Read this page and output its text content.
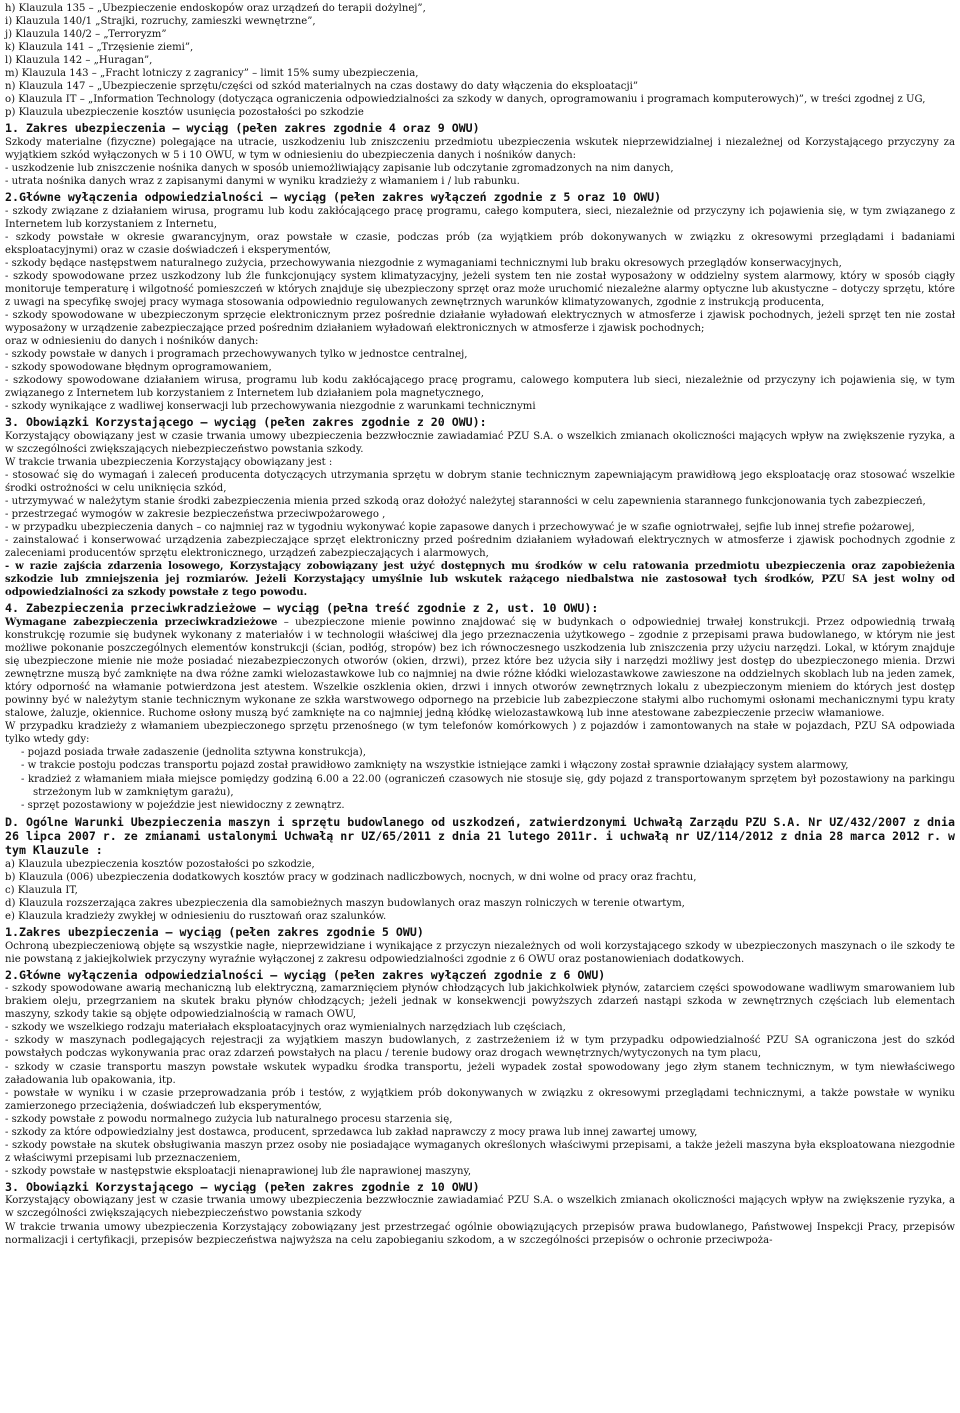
h) Klauzula 135 – „Ubezpieczenie endoskopów oraz urządzeń do terapii dożylnej”,

i) Klauzula 140/1 „Strajki, rozruchy, zamieszki wewnętrzne”,

j) Klauzula 140/2 – „Terroryzm”

k) Klauzula 141 – „Trzęsienie ziemi”,

l) Klauzula 142 – „Huragan”,

m) Klauzula 143 – „Fracht lotniczy z zagranicy” – limit 15% sumy ubezpieczenia,

n) Klauzula 147 – „Ubezpieczenie sprzętu/części od szkód materialnych na czas dostawy do daty włączenia do eksploatacji”

o) Klauzula IT – „Information Technology (dotycząca ograniczenia odpowiedzialności za szkody w danych, oprogramowaniu i programach komputerowych)”, w treści zgodnej z UG,

p) Klauzula ubezpieczenie kosztów usunięcia pozostałości po szkodzie

1. Zakres ubezpieczenia – wyciąg (pełen zakres zgodnie 4 oraz 9 OWU)

Szkody materialne (fizyczne) polegające na utracie, uszkodzeniu lub zniszczeniu przedmiotu ubezpieczenia wskutek nieprzewidzialnej i niezależnej od Korzystającego przyczyny za wyjątkiem szkód wyłączonych w 5 i 10 OWU, w tym w odniesieniu do ubezpieczenia danych i nośników danych:

- uszkodzenie lub zniszczenie nośnika danych w sposób uniemożliwiający zapisanie lub odczytanie zgromadzonych na nim danych,

- utrata nośnika danych wraz z zapisanymi danymi w wyniku kradzieży z włamaniem i / lub rabunku.

2.Główne wyłączenia odpowiedzialności – wyciąg (pełen zakres wyłączeń zgodnie z 5 oraz 10 OWU)

- szkody związane z działaniem wirusa, programu lub kodu zakłócającego pracę programu, całego komputera, sieci, niezależnie od przyczyny ich pojawienia się, w tym związanego z Internetem lub korzystaniem z Internetu,

- szkody powstałe w okresie gwarancyjnym, oraz powstałe w czasie, podczas prób (za wyjątkiem prób dokonywanych w związku z okresowymi przeglądami i badaniami eksploatacyjnymi) oraz w czasie doświadczeń i eksperymentów,

- szkody będące następstwem naturalnego zużycia, przechowywania niezgodnie z wymaganiami technicznymi lub braku okresowych przeglądów konserwacyjnych,

- szkody spowodowane przez uszkodzony lub źle funkcjonujący system klimatyzacyjny, jeżeli system ten nie został wyposażony w oddzielny system alarmowy, który w sposób ciągły monitoruje temperaturę i wilgotność pomieszczeń w których znajduje się ubezpieczony sprzęt oraz może uruchomić niezależne alarmy optyczne lub akustyczne – dotyczy sprzętu, które z uwagi na specyfikę swojej pracy wymaga stosowania odpowiednio regulowanych zewnętrznych warunków klimatyzowanych, zgodnie z instrukcją producenta,

- szkody spowodowane w ubezpieczonym sprzęcie elektronicznym przez pośrednie działanie wyładowań elektrycznych w atmosferze i zjawisk pochodnych, jeżeli sprzęt ten nie został wyposażony w urządzenie zabezpieczające przed pośrednim działaniem wyładowań elektronicznych w atmosferze i zjawisk pochodnych;

oraz w odniesieniu do danych i nośników danych:

- szkody powstałe w danych i programach przechowywanych tylko w jednostce centralnej,

- szkody spowodowane błędnym oprogramowaniem,

- szkodowy spowodowane działaniem wirusa, programu lub kodu zakłócającego pracę programu, calowego komputera lub sieci, niezależnie od przyczyny ich pojawienia się, w tym związanego z Internetem lub korzystaniem z Internetem lub działaniem pola magnetycznego,

- szkody wynikające z wadliwej konserwacji lub przechowywania niezgodnie z warunkami technicznymi

3. Obowiązki Korzystającego – wyciąg (pełen zakres zgodnie z 20 OWU):

Korzystający obowiązany jest w czasie trwania umowy ubezpieczenia bezzwłocznie zawiadamiać PZU S.A. o wszelkich zmianach okoliczności mających wpływ na zwiększenie ryzyka, a w szczególności zwiększających niebezpieczeństwo powstania szkody.

W trakcie trwania ubezpieczenia Korzystający obowiązany jest :

- stosować się do wymagań i zaleceń producenta dotyczących utrzymania sprzętu w dobrym stanie technicznym zapewniającym prawidłową jego eksploatację oraz stosować wszelkie środki ostrożności w celu uniknięcia szkód,

- utrzymywać w należytym stanie środki zabezpieczenia mienia przed szkodą oraz dołożyć należytej staranności w celu zapewnienia starannego funkcjonowania tych zabezpieczeń,

- przestrzegać wymogów w zakresie bezpieczeństwa przeciwpożarowego ,

- w przypadku ubezpieczenia danych – co najmniej raz w tygodniu wykonywać kopie zapasowe danych i przechowywać je w szafie ogniotrwałej, sejfie lub innej strefie pożarowej,

- zainstalować i konserwować urządzenia zabezpieczające sprzęt elektroniczny przed pośrednim działaniem wyładowań elektrycznych w atmosferze i zjawisk pochodnych zgodnie z zaleceniami producentów sprzętu elektronicznego, urządzeń zabezpieczających i alarmowych,

- w razie zajścia zdarzenia losowego, Korzystający zobowiązany jest użyć dostępnych mu środków w celu ratowania przedmiotu ubezpieczenia oraz zapobieżenia szkodzie lub zmniejszenia jej rozmiarów. Jeżeli Korzystający umyślnie lub wskutek rażącego niedbalstwa nie zastosował tych środków, PZU SA jest wolny od odpowiedzialności za szkody powstałe z tego powodu.

4. Zabezpieczenia przeciwkradzieżowe – wyciąg (pełna treść zgodnie z 2, ust. 10 OWU):

Wymagane zabezpieczenia przeciwkradzieżowe – ubezpieczone mienie powinno znajdować się w budynkach o odpowiedniej trwałej konstrukcji. Przez odpowiednią trwałą konstrukcję rozumie się budynek wykonany z materiałów i w technologii właściwej dla jego przeznaczenia użytkowego – zgodnie z przepisami prawa budowlanego, w którym nie jest możliwe pokonanie poszczególnych elementów konstrukcji (ścian, podłóg, stropów) bez ich równoczesnego uszkodzenia lub zniszczenia przy użyciu narzędzi. Lokal, w którym znajduje się ubezpieczone mienie nie może posiadać niezabezpieczonych otworów (okien, drzwi), przez które bez użycia siły i narzędzi możliwy jest dostęp do ubezpieczonego mienia. Drzwi zewnętrzne muszą być zamknięte na dwa różne zamki wielozastawkowe lub co najmniej na dwie różne kłódki wielozastawkowe zawieszone na oddzielnych skoblach lub na jeden zamek, który odporność na włamanie potwierdzona jest atestem. Wszelkie oszklenia okien, drzwi i innych otworów zewnętrznych lokalu z ubezpieczonym mieniem do których jest dostęp powinny być w należytym stanie technicznym wykonane ze szkła warstwowego odpornego na przebicie lub zabezpieczone stałymi albo ruchomymi osłonami mechanicznymi typu kraty stalowe, żaluzje, okiennice. Ruchome osłony muszą być zamknięte na co najmniej jedną kłódkę wielozastawkową lub inne atestowane zabezpieczenie przeciw włamaniowe.

W przypadku kradzieży z włamaniem ubezpieczonego sprzętu przenośnego (w tym telefonów komórkowych ) z pojazdów i zamontowanych na stałe w pojazdach, PZU SA odpowiada tylko wtedy gdy:

- pojazd posiada trwałe zadaszenie (jednolita sztywna konstrukcja),

- w trakcie postoju podczas transportu pojazd został prawidłowo zamknięty na wszystkie istniejące zamki i włączony został sprawnie działający system alarmowy,

- kradzież z włamaniem miała miejsce pomiędzy godziną 6.00 a 22.00 (ograniczeń czasowych nie stosuje się, gdy pojazd z transportowanym sprzętem był pozostawiony na parkingu strzeżonym lub w zamkniętym garażu),

- sprzęt pozostawiony w pojeździe jest niewidoczny z zewnątrz.

D. Ogólne Warunki Ubezpieczenia maszyn i sprzętu budowlanego od uszkodzeń, zatwierdzonymi Uchwałą Zarządu PZU S.A. Nr UZ/432/2007 z dnia 26 lipca 2007 r. ze zmianami ustalonymi Uchwałą nr UZ/65/2011 z dnia 21 lutego 2011r. i uchwałą nr UZ/114/2012 z dnia 28 marca 2012 r. w tym Klauzule :

a) Klauzula ubezpieczenia kosztów pozostałości po szkodzie,

b) Klauzula (006) ubezpieczenia dodatkowych kosztów pracy w godzinach nadliczbowych, nocnych, w dni wolne od pracy oraz frachtu,

c) Klauzula IT,

d) Klauzula rozszerzająca zakres ubezpieczenia dla samobieżnych maszyn budowlanych oraz maszyn rolniczych w terenie otwartym,

e) Klauzula kradzieży zwykłej w odniesieniu do rusztowań oraz szalunków.

1.Zakres ubezpieczenia – wyciąg (pełen zakres zgodnie 5 OWU)

Ochroną ubezpieczeniową objęte są wszystkie nagłe, nieprzewidziane i wynikające z przyczyn niezależnych od woli korzystającego szkody w ubezpieczonych maszynach o ile szkody te nie powstaną z jakiejkolwiek przyczyny wyraźnie wyłączonej z zakresu odpowiedzialności zgodnie z 6 OWU oraz postanowieniach dodatkowych.

2.Główne wyłączenia odpowiedzialności – wyciąg (pełen zakres wyłączeń zgodnie z 6 OWU)

- szkody spowodowane awarią mechaniczną lub elektryczną, zamarznięciem płynów chłodzących lub jakichkolwiek płynów, zatarciem części spowodowane wadliwym smarowaniem lub brakiem oleju, przegrzaniem na skutek braku płynów chłodzących; jeżeli jednak w konsekwencji powyższych zdarzeń nastąpi szkoda w zewnętrznych częściach lub elementach maszyny, szkody takie są objęte odpowiedzialnością w ramach OWU,

- szkody we wszelkiego rodzaju materiałach eksploatacyjnych oraz wymienialnych narzędziach lub częściach,

- szkody w maszynach podlegających rejestracji za wyjątkiem maszyn budowlanych, z zastrzeżeniem iż w tym przypadku odpowiedzialność PZU SA ograniczona jest do szkód powstałych podczas wykonywania prac oraz zdarzeń powstałych na placu / terenie budowy oraz drogach wewnętrznych/wytyczonych na tym placu,

- szkody w czasie transportu maszyn powstałe wskutek wypadku środka transportu, jeżeli wypadek został spowodowany jego złym stanem technicznym, w tym niewłaściwego załadowania lub opakowania, itp.

- powstałe w wyniku i w czasie przeprowadzania prób i testów, z wyjątkiem prób dokonywanych w związku z okresowymi przeglądami technicznymi, a także powstałe w wyniku zamierzonego przeciążenia, doświadczeń lub eksperymentów,

- szkody powstałe z powodu normalnego zużycia lub naturalnego procesu starzenia się,

- szkody za które odpowiedzialny jest dostawca, producent, sprzedawca lub zakład naprawczy z mocy prawa lub innej zawartej umowy,

- szkody powstałe na skutek obsługiwania maszyn przez osoby nie posiadające wymaganych określonych właściwymi przepisami, a także jeżeli maszyna była eksploatowana niezgodnie z właściwymi przepisami lub przeznaczeniem,

- szkody powstałe w następstwie eksploatacji nienaprawionej lub źle naprawionej maszyny,

3. Obowiązki Korzystającego – wyciąg (pełen zakres zgodnie z 10 OWU)

Korzystający obowiązany jest w czasie trwania umowy ubezpieczenia bezzwłocznie zawiadamiać PZU S.A. o wszelkich zmianach okoliczności mających wpływ na zwiększenie ryzyka, a w szczególności zwiększających niebezpieczeństwo powstania szkody

W trakcie trwania umowy ubezpieczenia Korzystający zobowiązany jest przestrzegać ogólnie obowiązujących przepisów prawa budowlanego, Państwowej Inspekcji Pracy, przepisów normalizacji i certyfikacji, przepisów bezpieczeństwa najwyższa na celu zapobieganiu szkodom, a w szczególności przepisów o ochronie przeciwpoża-
